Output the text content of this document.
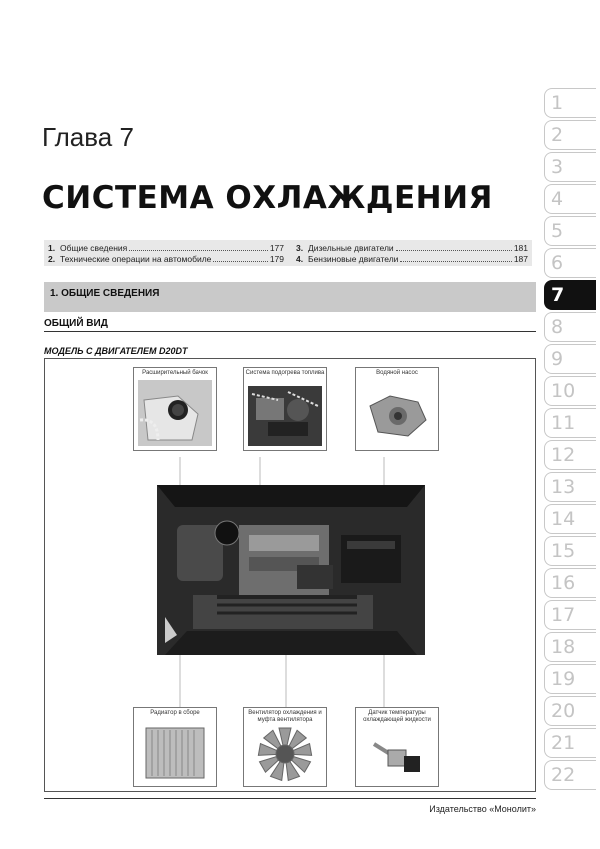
Глава 7
СИСТЕМА ОХЛАЖДЕНИЯ
1. Общие сведения	177
2. Технические операции на автомобиле	179
3. Дизельные двигатели	181
4. Бензиновые двигатели	187
1. ОБЩИЕ СВЕДЕНИЯ
ОБЩИЙ ВИД
МОДЕЛЬ С ДВИГАТЕЛЕМ D20DT
Расширительный бачок	Система подогрева топлива	Водяной насос
Радиатор в сборе	Вентилятор охлаждения и муфта вентилятора
Датчик температуры охлаждающей жидкости
1
2
3
4
5
6
7
8
9
10
11
12
13
14
15
16
17
18
19
20
21
22
Издательство «Монолит»
